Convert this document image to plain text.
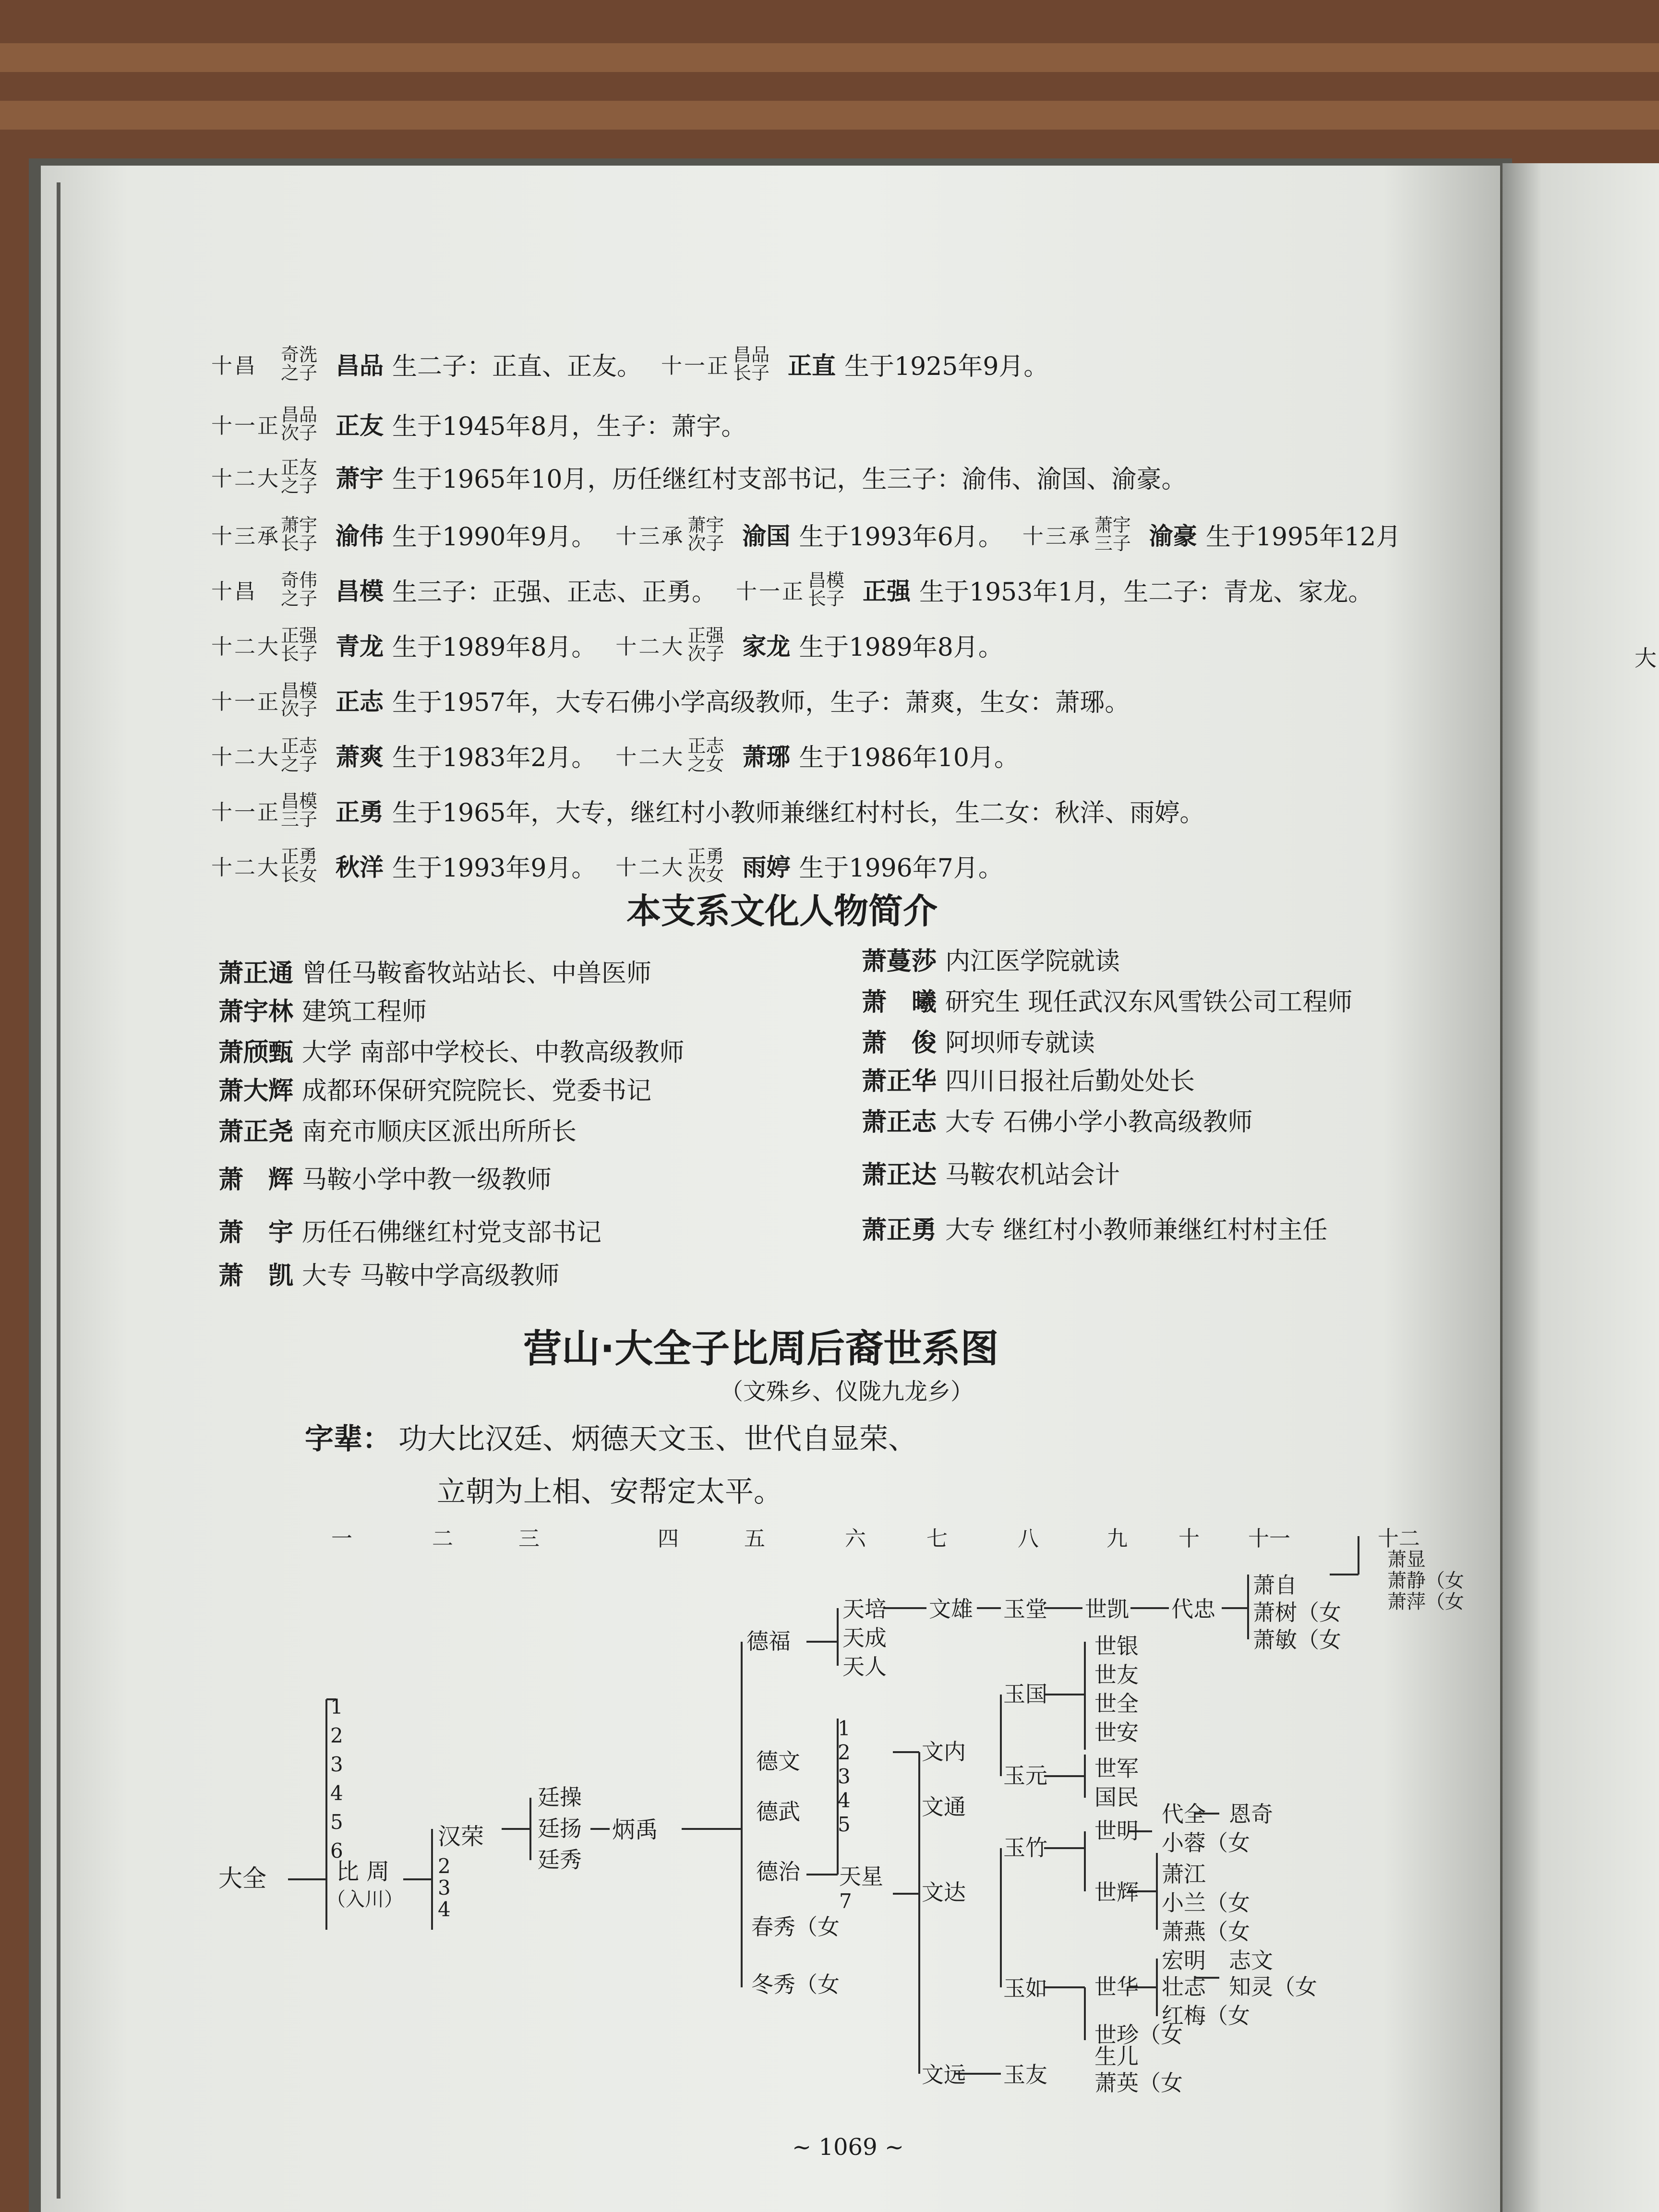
十昌	奇洗
之子 昌品 生二子：正直、正友。 十一正 昌品
长子 正直 生于1925年9月。
十一正 昌品
次子 正友 生于1945年8月，生子：萧宇。
十二大 正友
之子 萧宇 生于1965年10月，历任继红村支部书记，生三子：渝伟、渝国、渝豪。
十三承 萧宇
长子 渝伟 生于1990年9月。 十三承 萧宇
次子 渝国 生于1993年6月。 十三承 萧宇
三子 渝豪 生于1995年12月
十昌	奇伟
之子 昌模 生三子：正强、正志、正勇。 十一正 昌模
长子 正强 生于1953年1月，生二子：青龙、家龙。
十二大 正强
长子 青龙 生于1989年8月。 十二大 正强
次子 家龙 生于1989年8月。
十一正 昌模
次子 正志 生于1957年，大专石佛小学高级教师，生子：萧爽，生女：萧琊。
十二大 正志
之子 萧爽 生于1983年2月。 十二大 正志
之女 萧琊 生于1986年10月。
十一正 昌模
三子 正勇 生于1965年，大专，继红村小教师兼继红村村长，生二女：秋洋、雨婷。
十二大 正勇
长女 秋洋 生于1993年9月。 十二大 正勇
次女 雨婷 生于1996年7月。
本支系文化人物简介
萧正通 曾任马鞍畜牧站站长、中兽医师
萧宇林 建筑工程师
萧颀甄 大学 南部中学校长、中教高级教师
萧大辉 成都环保研究院院长、党委书记
萧正尧 南充市顺庆区派出所所长
萧　辉 马鞍小学中教一级教师
萧　宇 历任石佛继红村党支部书记
萧　凯 大专 马鞍中学高级教师
萧蔓莎 内江医学院就读
萧　曦 研究生 现任武汉东风雪铁公司工程师
萧　俊 阿坝师专就读
萧正华 四川日报社后勤处处长
萧正志 大专 石佛小学小教高级教师
萧正达 马鞍农机站会计
萧正勇 大专 继红村小教师兼继红村村主任
营山·大全子比周后裔世系图
（文殊乡、仪陇九龙乡）
字辈： 功大比汉廷、炳德天文玉、世代自显荣、
立朝为上相、安帮定太平。
一	二	三	四	五	六	七	八	九 十 十一	十二
大全	比 周
（入川）
1
2
3
4
5
6
汉荣
2
3
4
廷操
廷扬
廷秀
炳禹
德福
德文
德武
德治
春秀（女
冬秀（女
天培
天成
天人
1
2
3
4
5
天星
7
文雄
文内
文通
文达
文远
玉堂
玉国
玉元
玉竹
玉如
玉友
世凯 代忠
世银
世友
世全
世安
世军
国民
世明
世辉
世华
世珍（女
生儿
萧英（女
代全 恩奇
小蓉（女
萧江
小兰（女
萧燕（女
宏明 志文
壮志 知灵（女
红梅（女
萧自
萧树（女
萧敏（女
萧显
萧静（女
萧萍（女
~ 1069 ~
大
